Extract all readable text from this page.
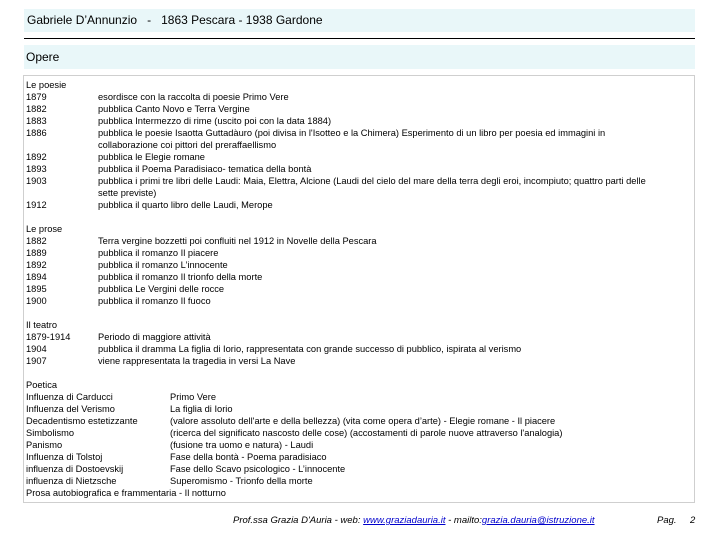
Gabriele D’Annunzio - 1863 Pescara - 1938 Gardone
Opere
Le poesie
1879	esordisce con la raccolta di poesie Primo Vere
1882	pubblica Canto Novo e Terra Vergine
1883	pubblica Intermezzo di rime (uscito poi con la data 1884)
1886	pubblica le poesie Isaotta Guttadàuro (poi divisa in l'Isotteo e la Chimera) Esperimento di un libro per poesia ed immagini in
collaborazione coi pittori del preraffaellismo
1892	pubblica le Elegie romane
1893	pubblica il Poema Paradisiaco- tematica della bontà
1903	pubblica i primi tre libri delle Laudi: Maia, Elettra, Alcione (Laudi del cielo del mare della terra degli eroi, incompiuto; quattro parti delle
sette previste)
1912	pubblica il quarto libro delle Laudi, Merope
Le prose
1882	Terra vergine bozzetti poi confluiti nel 1912 in Novelle della Pescara
1889	pubblica il romanzo Il piacere
1892	pubblica il romanzo L’innocente
1894	pubblica il romanzo Il trionfo della morte
1895	pubblica Le Vergini delle rocce
1900	pubblica il romanzo Il fuoco
Il teatro
1879-1914	Periodo di maggiore attività
1904	pubblica il dramma La figlia di Iorio, rappresentata con grande successo di pubblico, ispirata al verismo
1907	viene rappresentata la tragedia in versi La Nave
Poetica
Influenza di Carducci	Primo Vere
Influenza del Verismo	La figlia di Iorio
Decadentismo estetizzante	(valore assoluto dell'arte e della bellezza) (vita come opera d’arte) - Elegie romane - Il piacere
Simbolismo	(ricerca del significato nascosto delle cose) (accostamenti di parole nuove attraverso l'analogia)
Panismo	(fusione tra uomo e natura) - Laudi
Influenza di Tolstoj	Fase della bontà - Poema paradisiaco
influenza di Dostoevskij	Fase dello Scavo psicologico - L’innocente
influenza di Nietzsche	Superomismo - Trionfo della morte
Prosa autobiografica e frammentaria - Il notturno
Prof.ssa Grazia D'Auria - web: www.graziadauria.it - mailto:grazia.dauria@istruzione.it	Pag. 2
